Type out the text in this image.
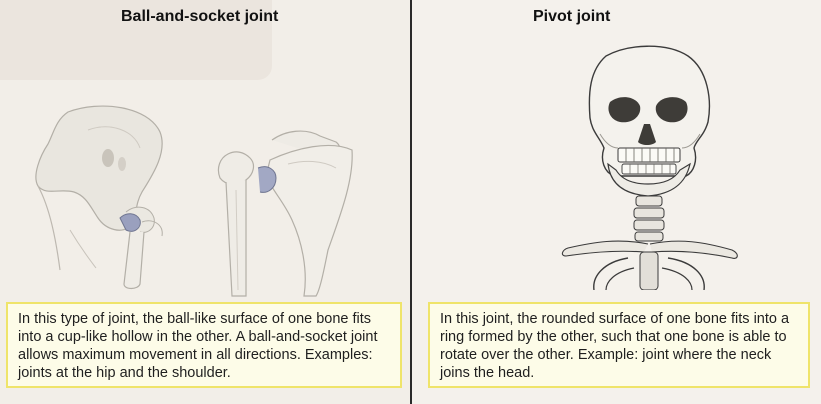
Ball-and-socket joint
In this type of joint, the ball-like surface of one bone fits into a cup-like hollow in the other. A ball-and-socket joint allows maximum movement in all directions. Examples: joints at the hip and the shoulder.
Pivot joint
In this joint, the rounded surface of one bone fits into a ring formed by the other, such that one bone is able to rotate over the other. Example: joint where the neck joins the head.
